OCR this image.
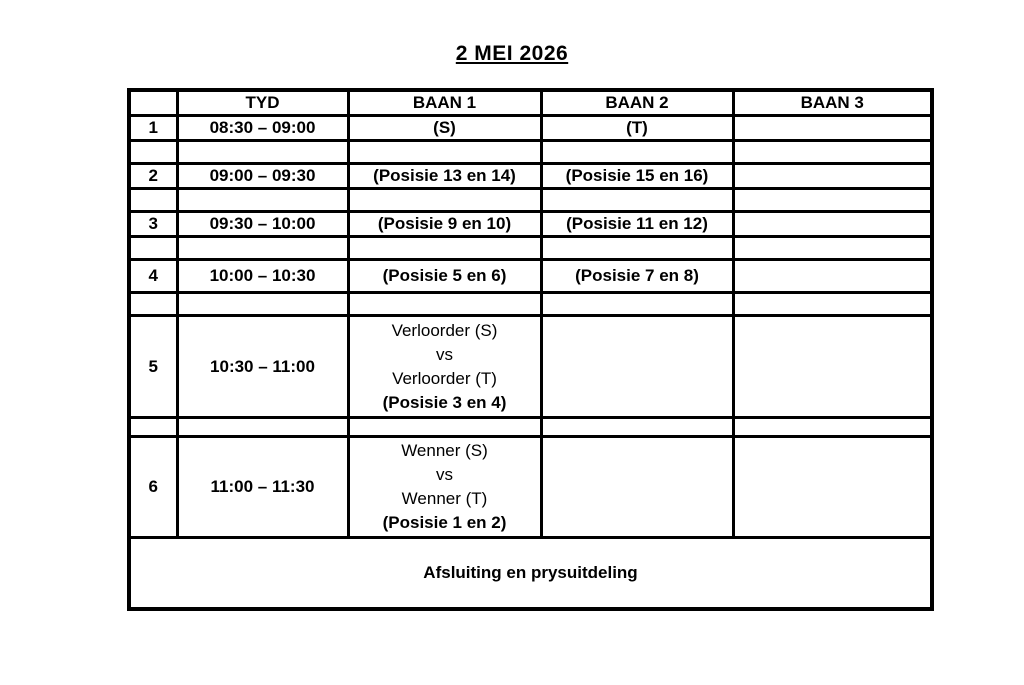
2 MEI 2026
	TYD	BAAN 1	BAAN 2	BAAN 3
1	08:30 – 09:00	(S)	(T)	

2	09:00 – 09:30	(Posisie 13 en 14)	(Posisie 15 en 16)	

3	09:30 – 10:00	(Posisie 9 en 10)	(Posisie 11 en 12)	

4	10:00 – 10:30	(Posisie 5 en 6)	(Posisie 7 en 8)	

5	10:30 – 11:00	Verloorder (S)
vs
Verloorder (T)
(Posisie 3 en 4)		

6	11:00 – 11:30	Wenner (S)
vs
Wenner (T)
(Posisie 1 en 2)		

Afsluiting en prysuitdeling				
